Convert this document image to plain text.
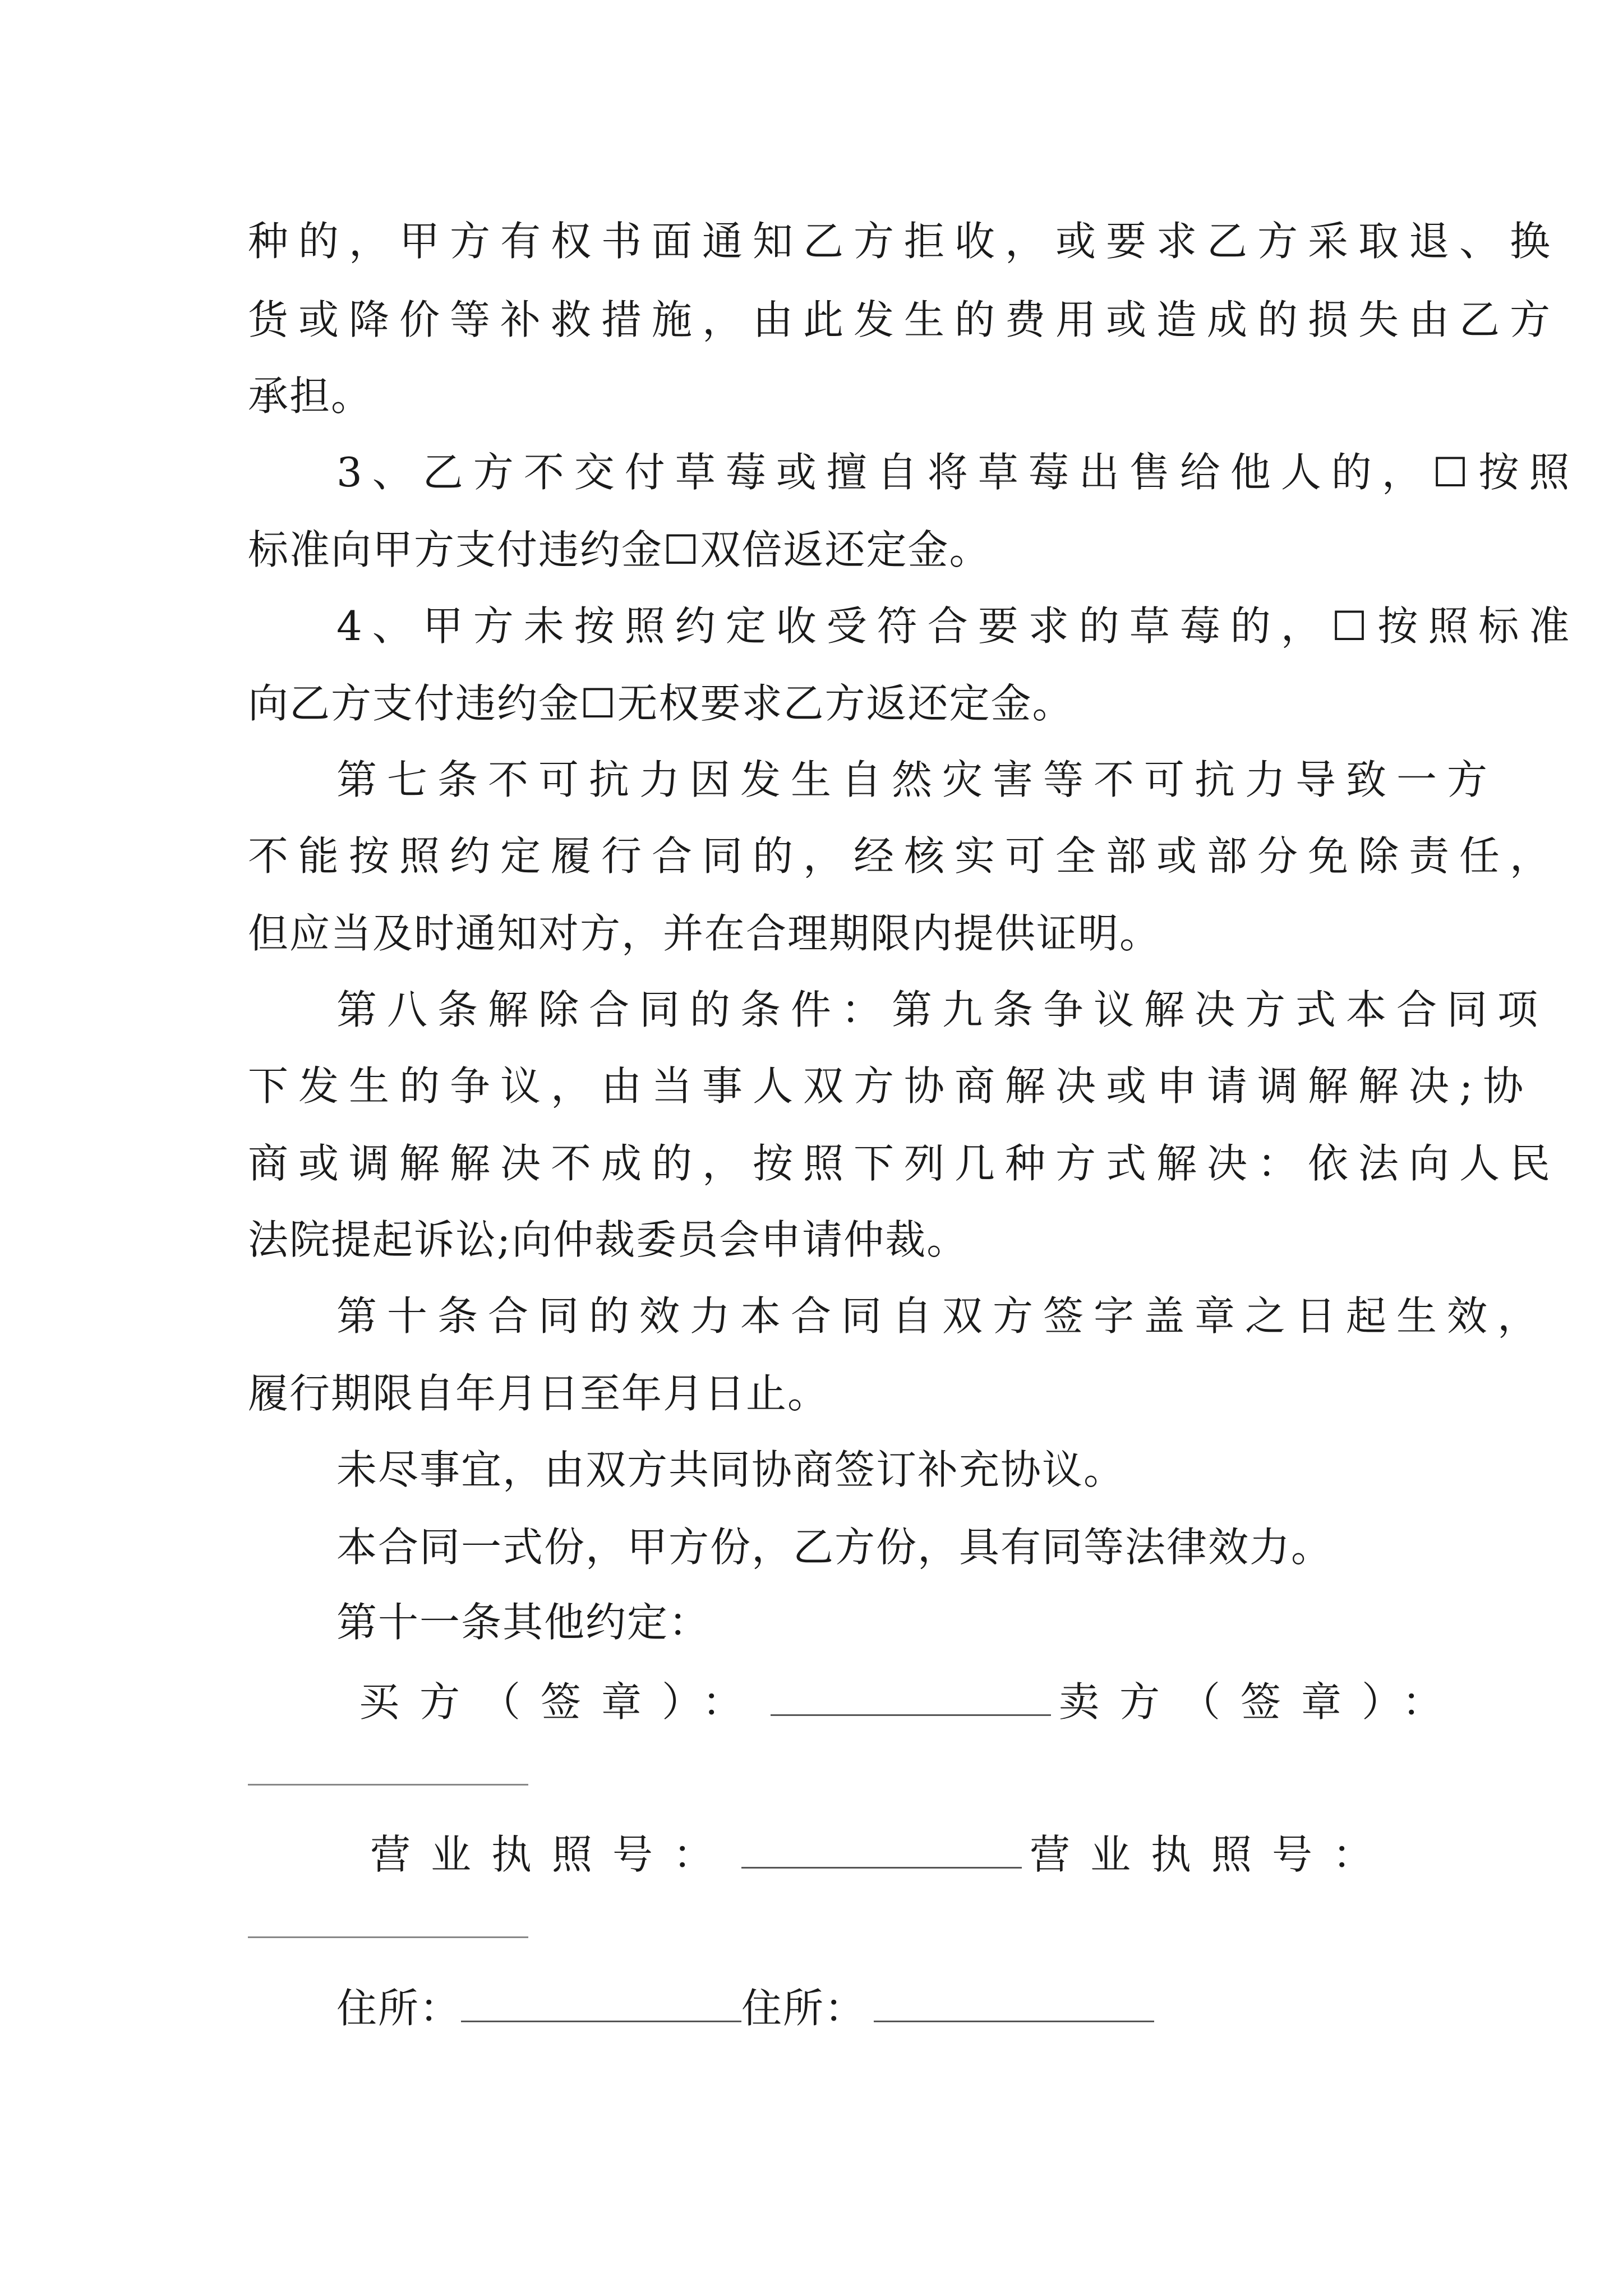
种的，甲方有权书面通知乙方拒收，或要求乙方采取退、换
货或降价等补救措施，由此发生的费用或造成的损失由乙方
承担。
3、乙方不交付草莓或擅自将草莓出售给他人的，☐按照
标准向甲方支付违约金☐双倍返还定金。
4、甲方未按照约定收受符合要求的草莓的，☐按照标准
向乙方支付违约金☐无权要求乙方返还定金。
第七条不可抗力因发生自然灾害等不可抗力导致一方
不能按照约定履行合同的，经核实可全部或部分免除责任，
但应当及时通知对方，并在合理期限内提供证明。
第八条解除合同的条件：第九条争议解决方式本合同项
下发生的争议，由当事人双方协商解决或申请调解解决;协
商或调解解决不成的，按照下列几种方式解决：依法向人民
法院提起诉讼;向仲裁委员会申请仲裁。
第十条合同的效力本合同自双方签字盖章之日起生效，
履行期限自年月日至年月日止。
未尽事宜，由双方共同协商签订补充协议。
本合同一式份，甲方份，乙方份，具有同等法律效力。
第十一条其他约定：
买方（签章）：	卖方（签章）：
营业执照号：	营业执照号：
住所：	住所：
